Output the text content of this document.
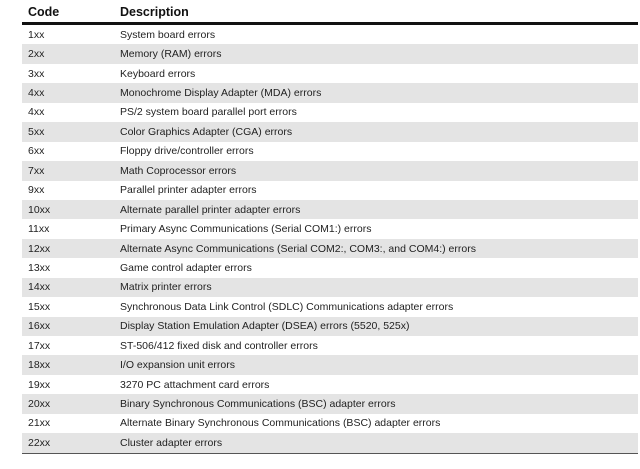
Code	Description
1xx	System board errors
2xx	Memory (RAM) errors
3xx	Keyboard errors
4xx	Monochrome Display Adapter (MDA) errors
4xx	PS/2 system board parallel port errors
5xx	Color Graphics Adapter (CGA) errors
6xx	Floppy drive/controller errors
7xx	Math Coprocessor errors
9xx	Parallel printer adapter errors
10xx	Alternate parallel printer adapter errors
11xx	Primary Async Communications (Serial COM1:) errors
12xx	Alternate Async Communications (Serial COM2:, COM3:, and COM4:) errors
13xx	Game control adapter errors
14xx	Matrix printer errors
15xx	Synchronous Data Link Control (SDLC) Communications adapter errors
16xx	Display Station Emulation Adapter (DSEA) errors (5520, 525x)
17xx	ST-506/412 fixed disk and controller errors
18xx	I/O expansion unit errors
19xx	3270 PC attachment card errors
20xx	Binary Synchronous Communications (BSC) adapter errors
21xx	Alternate Binary Synchronous Communications (BSC) adapter errors
22xx	Cluster adapter errors
